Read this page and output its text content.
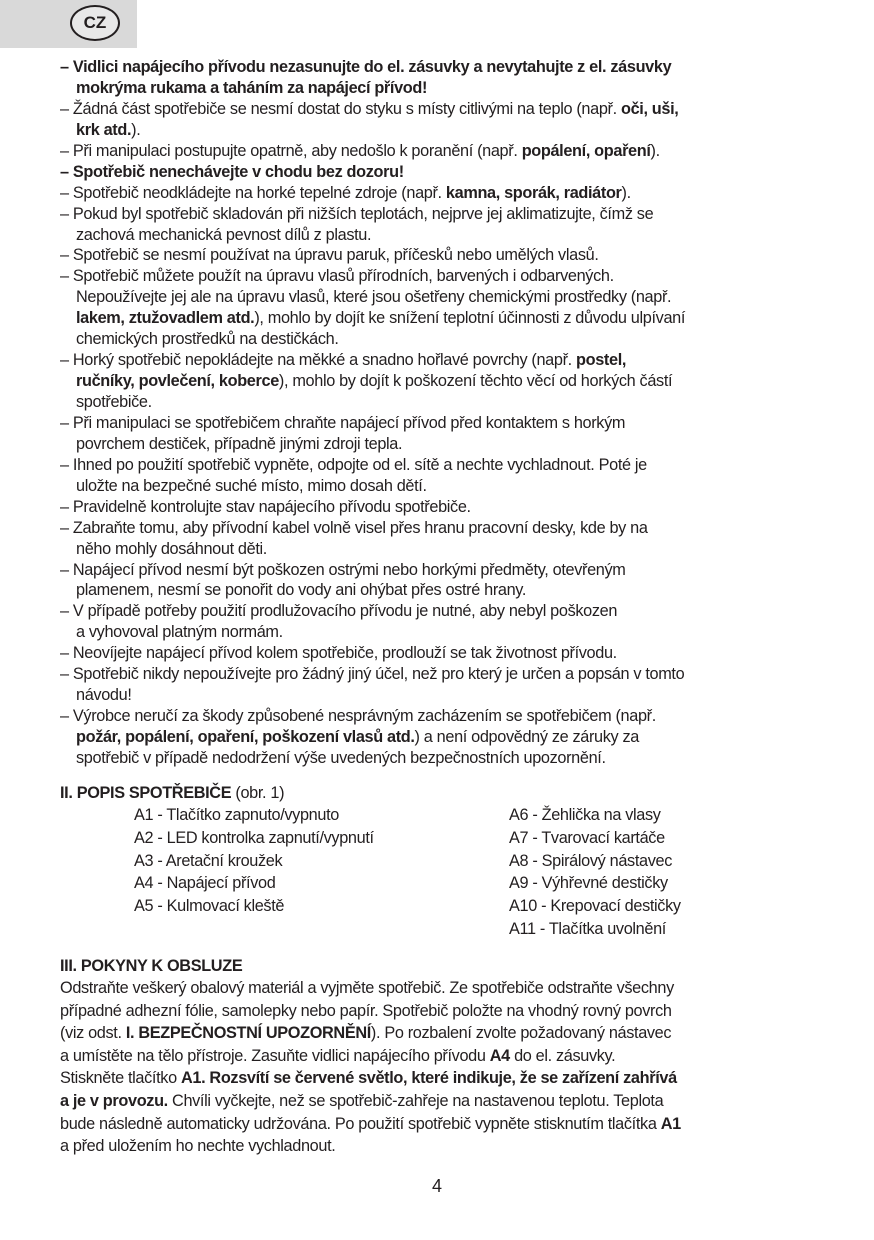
CZ
– Vidlici napájecího přívodu nezasunujte do el. zásuvky a nevytahujte z el. zásuvky
mokrýma rukama a taháním za napájecí přívod!
– Žádná část spotřebiče se nesmí dostat do styku s místy citlivými na teplo (např. oči, uši,
krk atd.).
– Při manipulaci postupujte opatrně, aby nedošlo k poranění (např. popálení, opaření).
– Spotřebič nenechávejte v chodu bez dozoru!
– Spotřebič neodkládejte na horké tepelné zdroje (např. kamna, sporák, radiátor).
– Pokud byl spotřebič skladován při nižších teplotách, nejprve jej aklimatizujte, čímž se
zachová mechanická pevnost dílů z plastu.
– Spotřebič se nesmí používat na úpravu paruk, příčesků nebo umělých vlasů.
– Spotřebič můžete použít na úpravu vlasů přírodních, barvených i odbarvených.
Nepoužívejte jej ale na úpravu vlasů, které jsou ošetřeny chemickými prostředky (např.
lakem, ztužovadlem atd.), mohlo by dojít ke snížení teplotní účinnosti z důvodu ulpívaní
chemických prostředků na destičkách.
– Horký spotřebič nepokládejte na měkké a snadno hořlavé povrchy (např. postel,
ručníky, povlečení, koberce), mohlo by dojít k poškození těchto věcí od horkých částí
spotřebiče.
– Při manipulaci se spotřebičem chraňte napájecí přívod před kontaktem s horkým
povrchem destiček, případně jinými zdroji tepla.
– Ihned po použití spotřebič vypněte, odpojte od el. sítě a nechte vychladnout. Poté je
uložte na bezpečné suché místo, mimo dosah dětí.
– Pravidelně kontrolujte stav napájecího přívodu spotřebiče.
– Zabraňte tomu, aby přívodní kabel volně visel přes hranu pracovní desky, kde by na
něho mohly dosáhnout děti.
– Napájecí přívod nesmí být poškozen ostrými nebo horkými předměty, otevřeným
plamenem, nesmí se ponořit do vody ani ohýbat přes ostré hrany.
– V případě potřeby použití prodlužovacího přívodu je nutné, aby nebyl poškozen
a vyhovoval platným normám.
– Neovíjejte napájecí přívod kolem spotřebiče, prodlouží se tak životnost přívodu.
– Spotřebič nikdy nepoužívejte pro žádný jiný účel, než pro který je určen a popsán v tomto
návodu!
– Výrobce neručí za škody způsobené nesprávným zacházením se spotřebičem (např.
požár, popálení, opaření, poškození vlasů atd.) a není odpovědný ze záruky za
spotřebič v případě nedodržení výše uvedených bezpečnostních upozornění.
II. POPIS SPOTŘEBIČE (obr. 1)
A1 - Tlačítko zapnuto/vypnuto
A2 - LED kontrolka zapnutí/vypnutí
A3 - Aretační kroužek
A4 - Napájecí přívod
A5 - Kulmovací kleště
A6 - Žehlička na vlasy
A7 - Tvarovací kartáče
A8 - Spirálový nástavec
A9 - Výhřevné destičky
A10 - Krepovací destičky
A11 - Tlačítka uvolnění
III. POKYNY K OBSLUZE
Odstraňte veškerý obalový materiál a vyjměte spotřebič. Ze spotřebiče odstraňte všechny
případné adhezní fólie, samolepky nebo papír. Spotřebič položte na vhodný rovný povrch
(viz odst. I. BEZPEČNOSTNÍ UPOZORNĚNÍ). Po rozbalení zvolte požadovaný nástavec
a umístěte na tělo přístroje. Zasuňte vidlici napájecího přívodu A4 do el. zásuvky.
Stiskněte tlačítko A1. Rozsvítí se červené světlo, které indikuje, že se zařízení zahřívá
a je v provozu. Chvíli vyčkejte, než se spotřebič-zahřeje na nastavenou teplotu. Teplota
bude následně automaticky udržována. Po použití spotřebič vypněte stisknutím tlačítka A1
a před uložením ho nechte vychladnout.
4
